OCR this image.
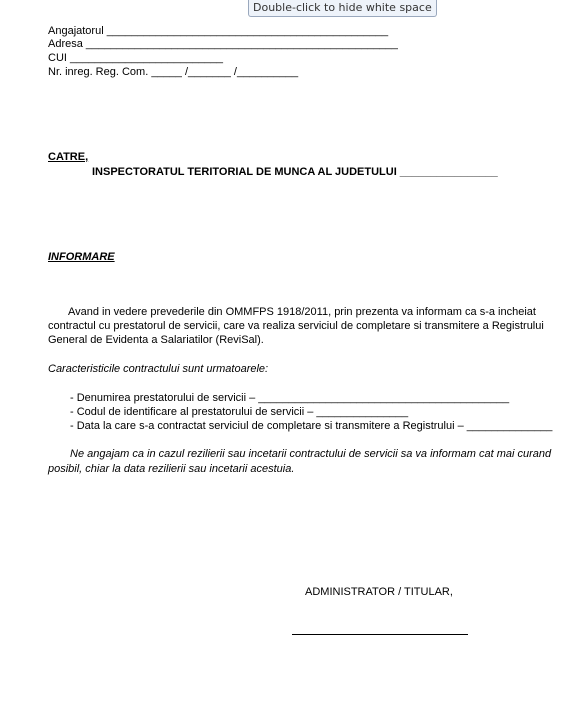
Double-click to hide white space
Angajatorul ______________________________________________
Adresa ___________________________________________________
CUI _________________________
Nr. inreg. Reg. Com. _____ /_______ /__________
CATRE,
INSPECTORATUL TERITORIAL DE MUNCA AL JUDETULUI ________________
INFORMARE
Avand in vedere prevederile din OMMFPS 1918/2011, prin prezenta va informam ca s-a incheiat
contractul cu prestatorul de servicii, care va realiza serviciul de completare si transmitere a Registrului
General de Evidenta a Salariatilor (ReviSal).
Caracteristicile contractului sunt urmatoarele:
- Denumirea prestatorului de servicii – _________________________________________
- Codul de identificare al prestatorului de servicii – _______________
- Data la care s-a contractat serviciul de completare si transmitere a Registrului – ______________
Ne angajam ca in cazul rezilierii sau incetarii contractului de servicii sa va informam cat mai curand
posibil, chiar la data rezilierii sau incetarii acestuia.
ADMINISTRATOR / TITULAR,
